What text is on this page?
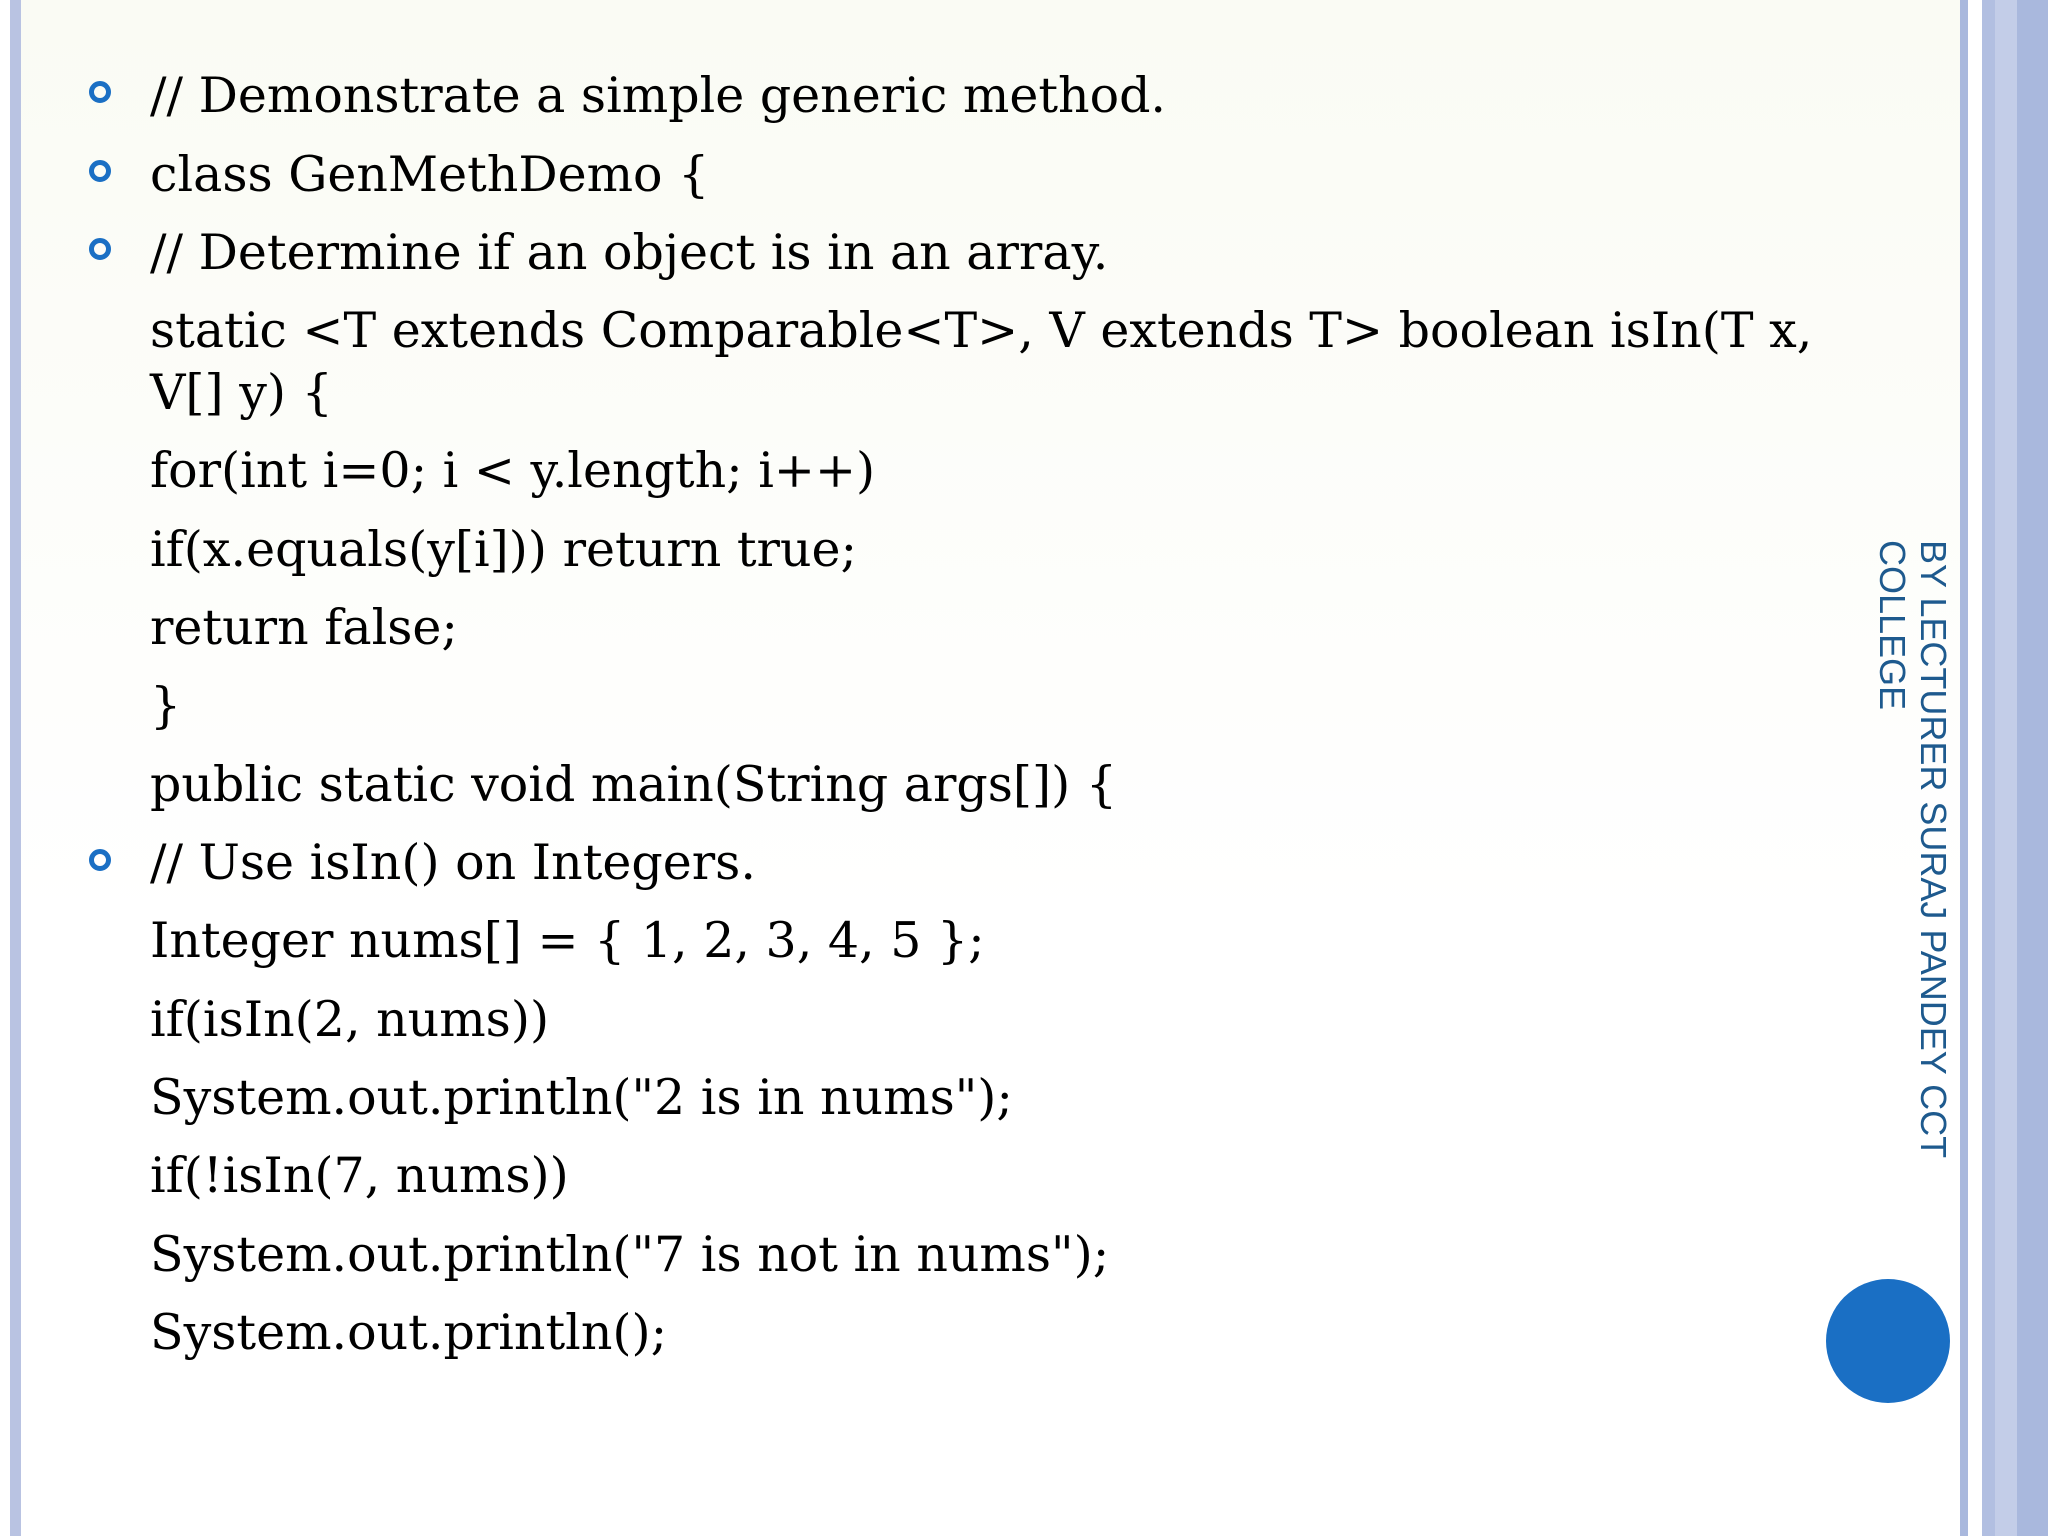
// Demonstrate a simple generic method.
class GenMethDemo {
// Determine if an object is in an array.
static <T extends Comparable<T>, V extends T> boolean isIn(T x,
V[] y) {
for(int i=0; i < y.length; i++)
if(x.equals(y[i])) return true;
return false;
}
public static void main(String args[]) {
// Use isIn() on Integers.
Integer nums[] = { 1, 2, 3, 4, 5 };
if(isIn(2, nums))
System.out.println("2 is in nums");
if(!isIn(7, nums))
System.out.println("7 is not in nums");
System.out.println();
BY LECTURER SURAJ PANDEY CCT
COLLEGE
